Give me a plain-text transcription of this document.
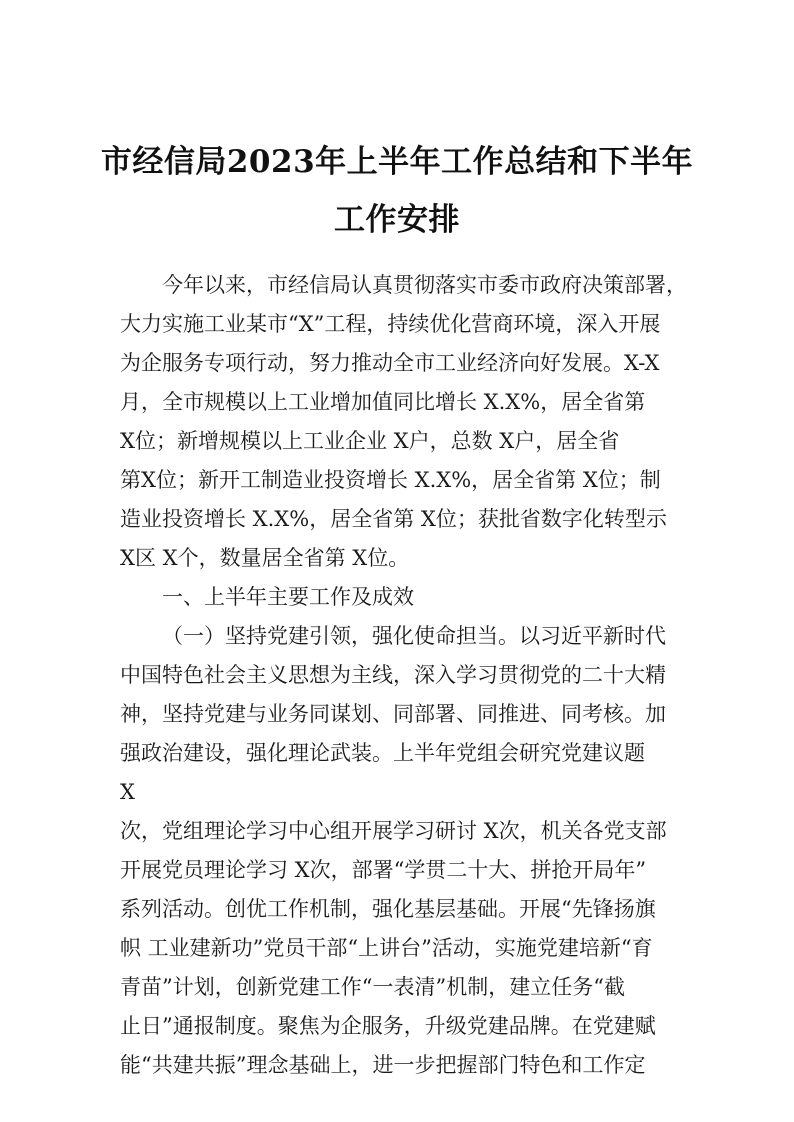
市经信局2023年上半年工作总结和下半年
工作安排
今年以来，市经信局认真贯彻落实市委市政府决策部署，
大力实施工业某市“X”工程，持续优化营商环境，深入开展
为企服务专项行动，努力推动全市工业经济向好发展。X-X
月，全市规模以上工业增加值同比增长 X.X%，居全省第
X位；新增规模以上工业企业 X户，总数 X户，居全省
第X位；新开工制造业投资增长 X.X%，居全省第 X位；制
造业投资增长 X.X%，居全省第 X位；获批省数字化转型示
X区 X个，数量居全省第 X位。
一、上半年主要工作及成效
（一）坚持党建引领，强化使命担当。以习近平新时代
中国特色社会主义思想为主线，深入学习贯彻党的二十大精
神，坚持党建与业务同谋划、同部署、同推进、同考核。加
强政治建设，强化理论武装。上半年党组会研究党建议题
X
次，党组理论学习中心组开展学习研讨 X次，机关各党支部
开展党员理论学习 X次，部署“学贯二十大、拼抢开局年”
系列活动。创优工作机制，强化基层基础。开展“先锋扬旗
帜 工业建新功”党员干部“上讲台”活动，实施党建培新“育
青苗”计划，创新党建工作“一表清”机制，建立任务“截
止日”通报制度。聚焦为企服务，升级党建品牌。在党建赋
能“共建共振”理念基础上，进一步把握部门特色和工作定
